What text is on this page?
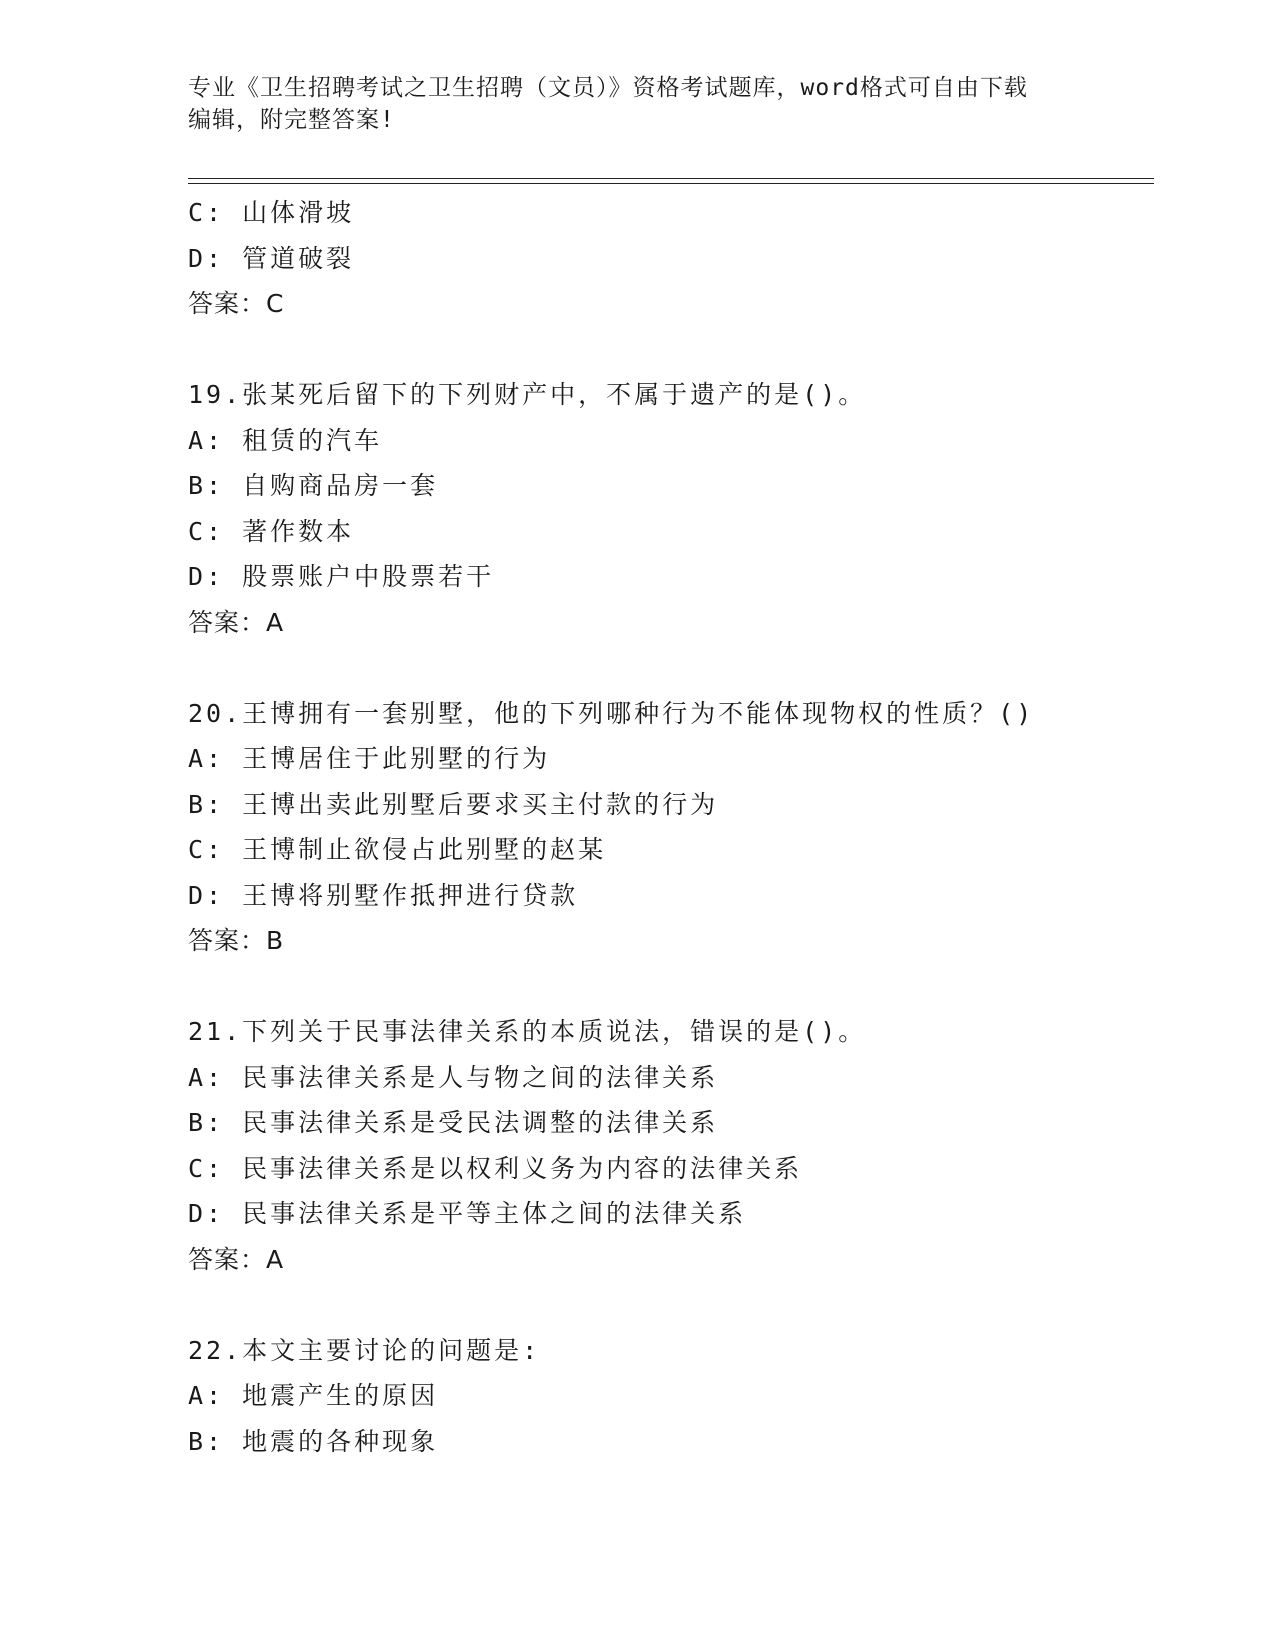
专业《卫生招聘考试之卫生招聘（文员）》资格考试题库，word格式可自由下载
编辑，附完整答案!
C: 山体滑坡
D: 管道破裂
答案：C
19.张某死后留下的下列财产中，不属于遗产的是()。
A: 租赁的汽车
B: 自购商品房一套
C: 著作数本
D: 股票账户中股票若干
答案：A
20.王博拥有一套别墅，他的下列哪种行为不能体现物权的性质？()
A: 王博居住于此别墅的行为
B: 王博出卖此别墅后要求买主付款的行为
C: 王博制止欲侵占此别墅的赵某
D: 王博将别墅作抵押进行贷款
答案：B
21.下列关于民事法律关系的本质说法，错误的是()。
A: 民事法律关系是人与物之间的法律关系
B: 民事法律关系是受民法调整的法律关系
C: 民事法律关系是以权利义务为内容的法律关系
D: 民事法律关系是平等主体之间的法律关系
答案：A
22.本文主要讨论的问题是:
A: 地震产生的原因
B: 地震的各种现象
